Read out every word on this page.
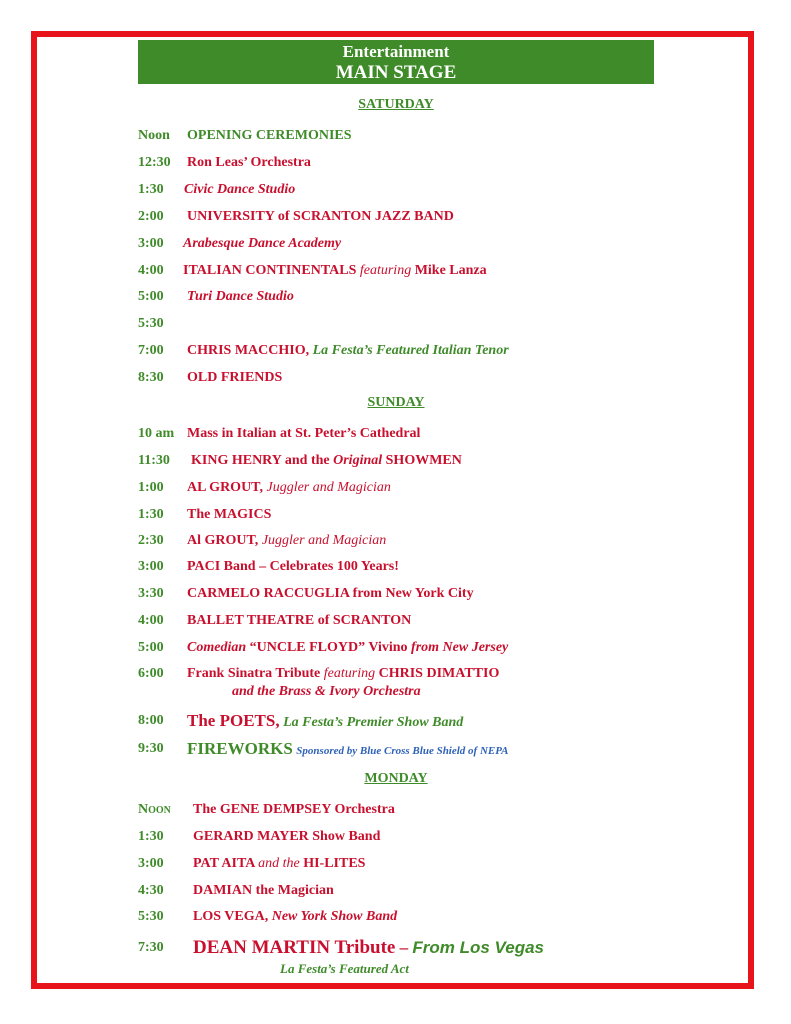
Entertainment
MAIN STAGE
SATURDAY
Noon OPENING CEREMONIES
12:30 Ron Leas’ Orchestra
1:30 Civic Dance Studio
2:00 UNIVERSITY of SCRANTON JAZZ BAND
3:00 Arabesque Dance Academy
4:00 ITALIAN CONTINENTALS featuring Mike Lanza
5:00 Turi Dance Studio
5:30
7:00 CHRIS MACCHIO, La Festa’s Featured Italian Tenor
8:30 OLD FRIENDS
SUNDAY
10 am Mass in Italian at St. Peter’s Cathedral
11:30 KING HENRY and the Original SHOWMEN
1:00 AL GROUT, Juggler and Magician
1:30 The MAGICS
2:30 Al GROUT, Juggler and Magician
3:00 PACI Band – Celebrates 100 Years!
3:30 CARMELO RACCUGLIA from New York City
4:00 BALLET THEATRE of SCRANTON
5:00 Comedian “UNCLE FLOYD” Vivino from New Jersey
6:00 Frank Sinatra Tribute featuring CHRIS DIMATTIO
and the Brass & Ivory Orchestra
8:00 The POETS, La Festa’s Premier Show Band
9:30 FIREWORKS Sponsored by Blue Cross Blue Shield of NEPA
MONDAY
NOON The GENE DEMPSEY Orchestra
1:30 GERARD MAYER Show Band
3:00 PAT AITA and the HI-LITES
4:30 DAMIAN the Magician
5:30 LOS VEGA, New York Show Band
7:30 DEAN MARTIN Tribute – From Los Vegas
La Festa’s Featured Act
